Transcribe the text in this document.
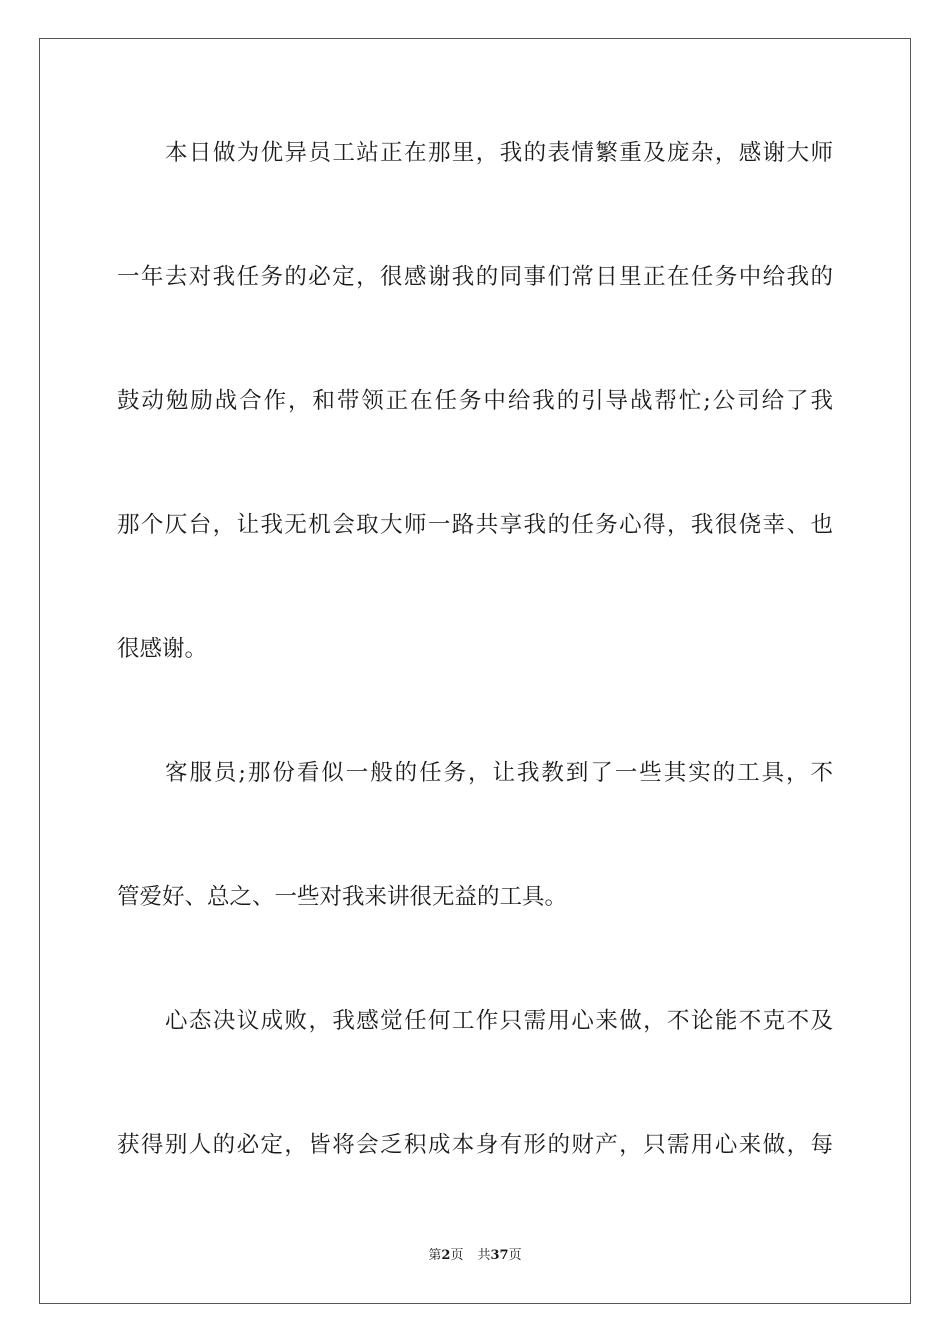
本日做为优异员工站正在那里，我的表情繁重及庞杂，感谢大师
一年去对我任务的必定，很感谢我的同事们常日里正在任务中给我的
鼓动勉励战合作，和带领正在任务中给我的引导战帮忙;公司给了我
那个仄台，让我无机会取大师一路共享我的任务心得，我很侥幸、也
很感谢。
客服员;那份看似一般的任务，让我教到了一些其实的工具，不
管爱好、总之、一些对我来讲很无益的工具。
心态决议成败，我感觉任何工作只需用心来做，不论能不克不及
获得别人的必定，皆将会乏积成本身有形的财产，只需用心来做，每
第2页 共37页
